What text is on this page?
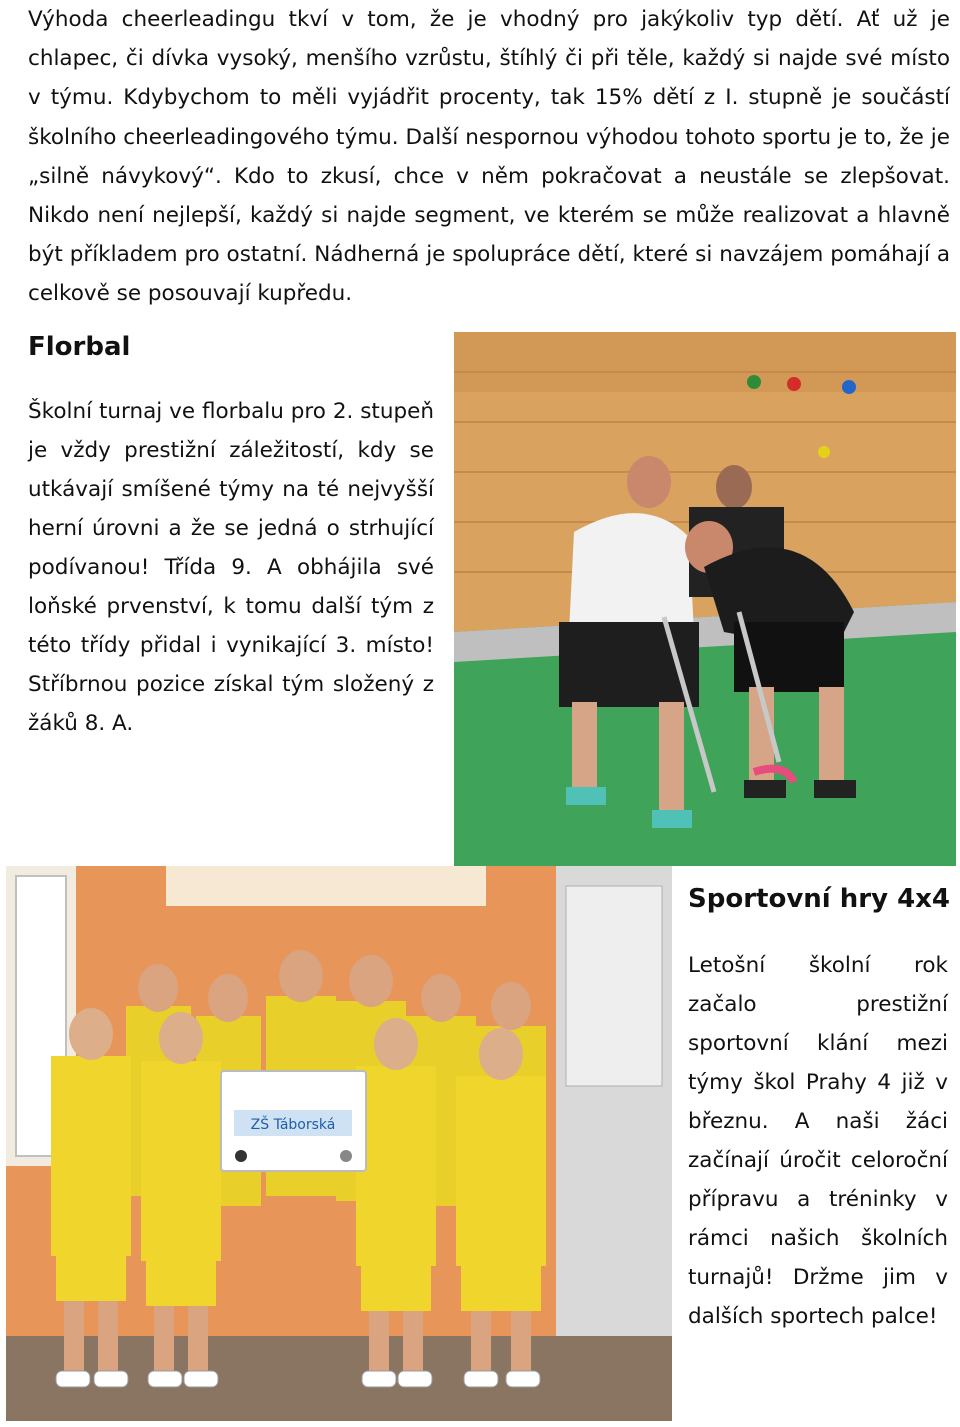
Výhoda cheerleadingu tkví v tom, že je vhodný pro jakýkoliv typ dětí. Ať už je chlapec, či dívka vysoký, menšího vzrůstu, štíhlý či při těle, každý si najde své místo v týmu. Kdybychom to měli vyjádřit procenty, tak 15% dětí z I. stupně je součástí školního cheerleadingového týmu. Další nespornou výhodou tohoto sportu je to, že je „silně návykový“. Kdo to zkusí, chce v něm pokračovat a neustále se zlepšovat. Nikdo není nejlepší, každý si najde segment, ve kterém se může realizovat a hlavně být příkladem pro ostatní. Nádherná je spolupráce dětí, které si navzájem pomáhají a celkově se posouvají kupředu.

Florbal

Školní turnaj ve florbalu pro 2. stupeň je vždy prestižní záležitostí, kdy se utkávají smíšené týmy na té nejvyšší herní úrovni a že se jedná o strhující podívanou! Třída 9. A obhájila své loňské prvenství, k tomu další tým z této třídy přidal i vynikající 3. místo! Stříbrnou pozice získal tým složený z žáků 8. A.

ZŠ Táborská
Sportovní hry 4x4

Letošní školní rok začalo prestižní sportovní klání mezi týmy škol Prahy 4 již v březnu. A naši žáci začínají úročit celoroční přípravu a tréninky v rámci našich školních turnajů! Držme jim v dalších sportech palce!
